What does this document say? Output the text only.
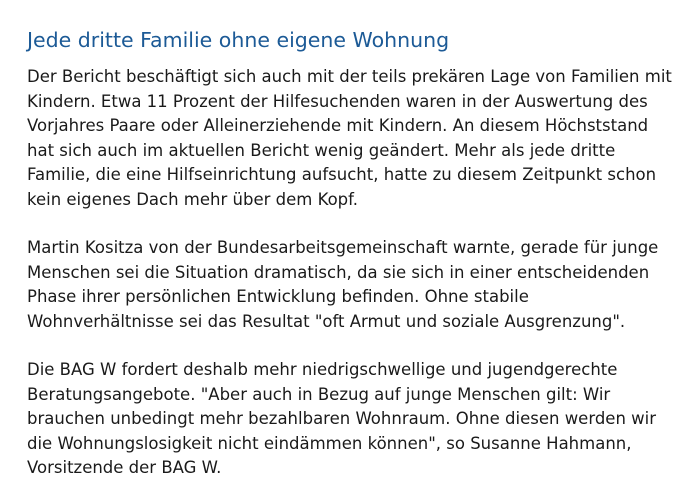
Jede dritte Familie ohne eigene Wohnung

Der Bericht beschäftigt sich auch mit der teils prekären Lage von Familien mit
Kindern. Etwa 11 Prozent der Hilfesuchenden waren in der Auswertung des
Vorjahres Paare oder Alleinerziehende mit Kindern. An diesem Höchststand
hat sich auch im aktuellen Bericht wenig geändert. Mehr als jede dritte
Familie, die eine Hilfseinrichtung aufsucht, hatte zu diesem Zeitpunkt schon
kein eigenes Dach mehr über dem Kopf.

Martin Kositza von der Bundesarbeitsgemeinschaft warnte, gerade für junge
Menschen sei die Situation dramatisch, da sie sich in einer entscheidenden
Phase ihrer persönlichen Entwicklung befinden. Ohne stabile
Wohnverhältnisse sei das Resultat "oft Armut und soziale Ausgrenzung".

Die BAG W fordert deshalb mehr niedrigschwellige und jugendgerechte
Beratungsangebote. "Aber auch in Bezug auf junge Menschen gilt: Wir
brauchen unbedingt mehr bezahlbaren Wohnraum. Ohne diesen werden wir
die Wohnungslosigkeit nicht eindämmen können", so Susanne Hahmann,
Vorsitzende der BAG W.
